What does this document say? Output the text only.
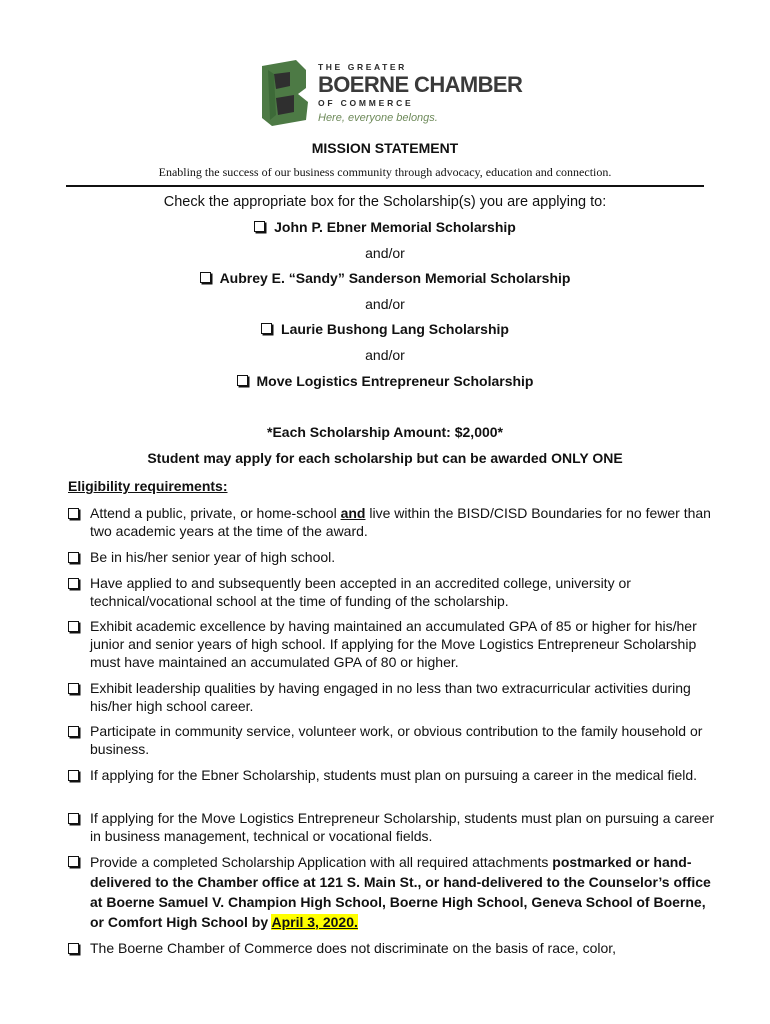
THE GREATER
BOERNE CHAMBER
OF COMMERCE
Here, everyone belongs.
MISSION STATEMENT
Enabling the success of our business community through advocacy, education and connection.
Check the appropriate box for the Scholarship(s) you are applying to:
John P. Ebner Memorial Scholarship
and/or
Aubrey E. “Sandy” Sanderson Memorial Scholarship
and/or
Laurie Bushong Lang Scholarship
and/or
Move Logistics Entrepreneur Scholarship
*Each Scholarship Amount: $2,000*
Student may apply for each scholarship but can be awarded ONLY ONE
Eligibility requirements:
Attend a public, private, or home-school and live within the BISD/CISD Boundaries for no fewer than two academic years at the time of the award.
Be in his/her senior year of high school.
Have applied to and subsequently been accepted in an accredited college, university or technical/vocational school at the time of funding of the scholarship.
Exhibit academic excellence by having maintained an accumulated GPA of 85 or higher for his/her junior and senior years of high school. If applying for the Move Logistics Entrepreneur Scholarship must have maintained an accumulated GPA of 80 or higher.
Exhibit leadership qualities by having engaged in no less than two extracurricular activities during his/her high school career.
Participate in community service, volunteer work, or obvious contribution to the family household or business.
If applying for the Ebner Scholarship, students must plan on pursuing a career in the medical field.
If applying for the Move Logistics Entrepreneur Scholarship, students must plan on pursuing a career in business management, technical or vocational fields.
Provide a completed Scholarship Application with all required attachments postmarked or hand-delivered to the Chamber office at 121 S. Main St., or hand-delivered to the Counselor’s office at Boerne Samuel V. Champion High School, Boerne High School, Geneva School of Boerne, or Comfort High School by April 3, 2020.
The Boerne Chamber of Commerce does not discriminate on the basis of race, color,
